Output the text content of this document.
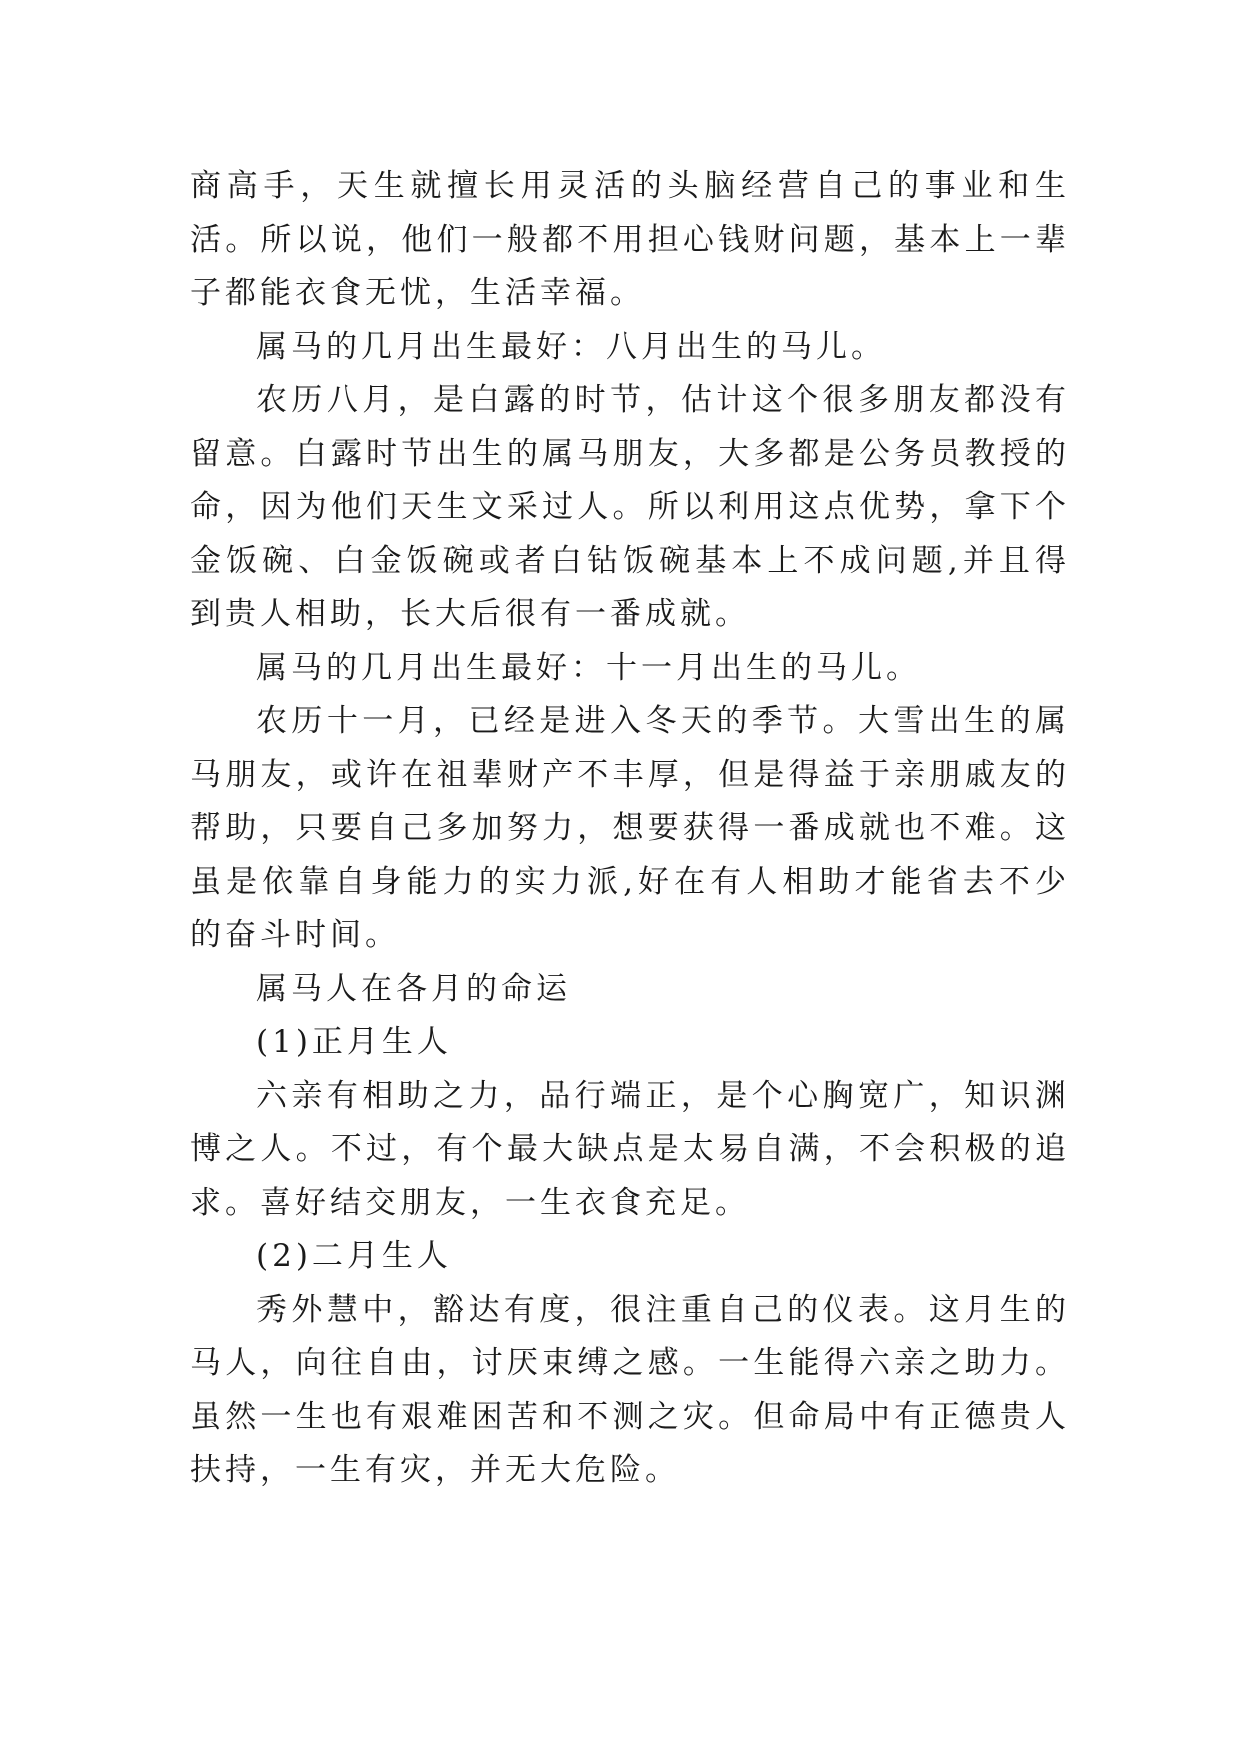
商高手，天生就擅长用灵活的头脑经营自己的事业和生活。所以说，他们一般都不用担心钱财问题，基本上一辈子都能衣食无忧，生活幸福。

属马的几月出生最好：八月出生的马儿。

农历八月，是白露的时节，估计这个很多朋友都没有留意。白露时节出生的属马朋友，大多都是公务员教授的命，因为他们天生文采过人。所以利用这点优势，拿下个金饭碗、白金饭碗或者白钻饭碗基本上不成问题,并且得到贵人相助，长大后很有一番成就。

属马的几月出生最好：十一月出生的马儿。

农历十一月，已经是进入冬天的季节。大雪出生的属马朋友，或许在祖辈财产不丰厚，但是得益于亲朋戚友的帮助，只要自己多加努力，想要获得一番成就也不难。这虽是依靠自身能力的实力派,好在有人相助才能省去不少的奋斗时间。

属马人在各月的命运

(1)正月生人

六亲有相助之力，品行端正，是个心胸宽广，知识渊博之人。不过，有个最大缺点是太易自满，不会积极的追求。喜好结交朋友，一生衣食充足。

(2)二月生人

秀外慧中，豁达有度，很注重自己的仪表。这月生的马人，向往自由，讨厌束缚之感。一生能得六亲之助力。虽然一生也有艰难困苦和不测之灾。但命局中有正德贵人扶持，一生有灾，并无大危险。
